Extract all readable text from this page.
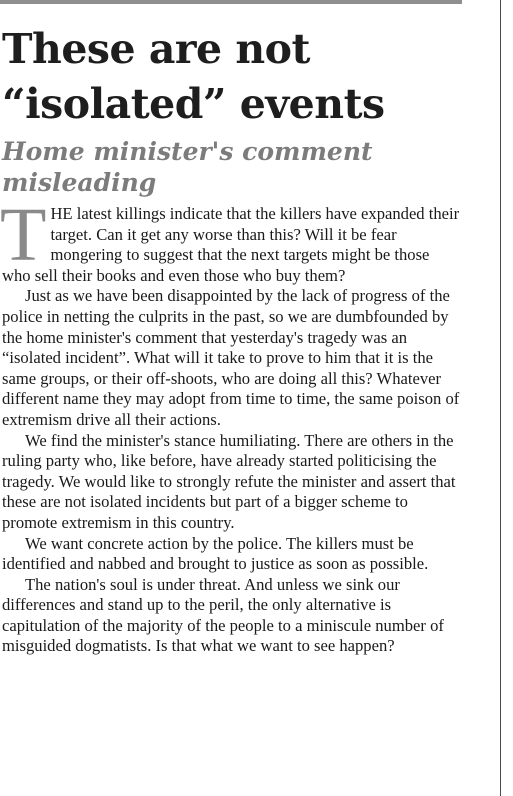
These are not “isolated” events
Home minister's comment misleading

THE latest killings indicate that the killers have expanded their target. Can it get any worse than this? Will it be fear mongering to suggest that the next targets might be those who sell their books and even those who buy them?

Just as we have been disappointed by the lack of progress of the police in netting the culprits in the past, so we are dumbfounded by the home minister's comment that yesterday's tragedy was an “isolated incident”. What will it take to prove to him that it is the same groups, or their off-shoots, who are doing all this? Whatever different name they may adopt from time to time, the same poison of extremism drive all their actions.

We find the minister's stance humiliating. There are others in the ruling party who, like before, have already started politicising the tragedy. We would like to strongly refute the minister and assert that these are not isolated incidents but part of a bigger scheme to promote extremism in this country.

We want concrete action by the police. The killers must be identified and nabbed and brought to justice as soon as possible.

The nation's soul is under threat. And unless we sink our differences and stand up to the peril, the only alternative is capitulation of the majority of the people to a miniscule number of misguided dogmatists. Is that what we want to see happen?
